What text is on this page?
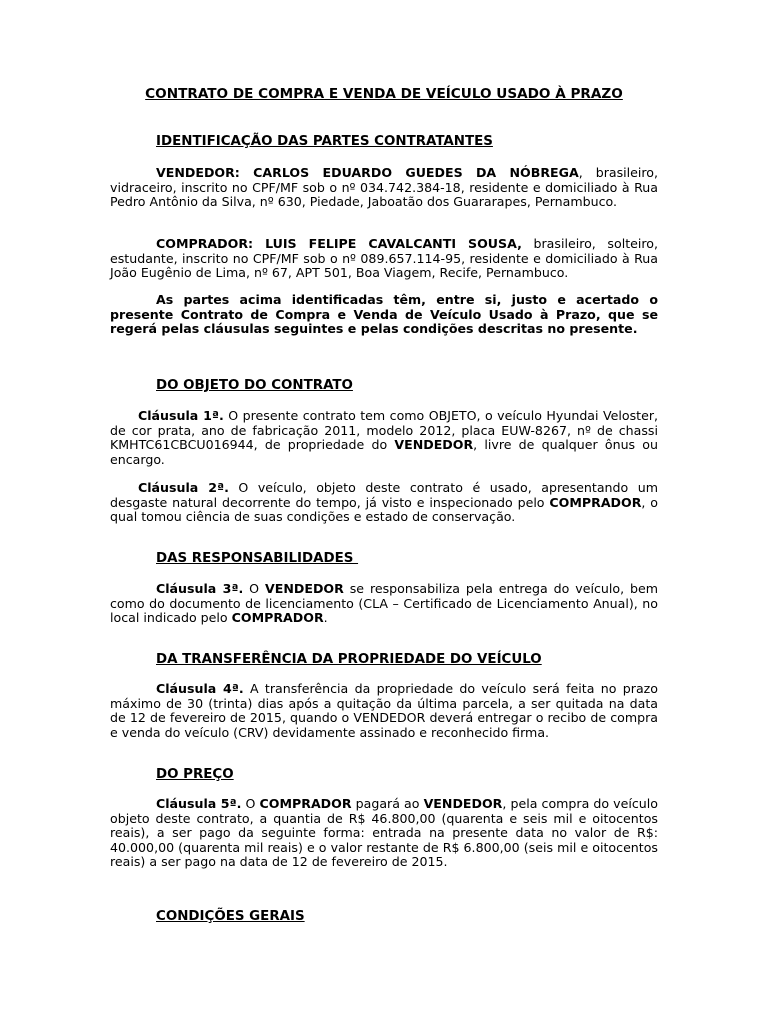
CONTRATO DE COMPRA E VENDA DE VEÍCULO USADO À PRAZO
IDENTIFICAÇÃO DAS PARTES CONTRATANTES

VENDEDOR: CARLOS EDUARDO GUEDES DA NÓBREGA, brasileiro, vidraceiro, inscrito no CPF/MF sob o nº 034.742.384-18, residente e domiciliado à Rua Pedro Antônio da Silva, nº 630, Piedade, Jaboatão dos Guararapes, Pernambuco.

COMPRADOR: LUIS FELIPE CAVALCANTI SOUSA, brasileiro, solteiro, estudante, inscrito no CPF/MF sob o nº 089.657.114-95, residente e domiciliado à Rua João Eugênio de Lima, nº 67, APT 501, Boa Viagem, Recife, Pernambuco.

As partes acima identificadas têm, entre si, justo e acertado o presente Contrato de Compra e Venda de Veículo Usado à Prazo, que se regerá pelas cláusulas seguintes e pelas condições descritas no presente.

DO OBJETO DO CONTRATO

Cláusula 1ª. O presente contrato tem como OBJETO, o veículo Hyundai Veloster, de cor prata, ano de fabricação 2011, modelo 2012, placa EUW-8267, nº de chassi KMHTC61CBCU016944, de propriedade do VENDEDOR, livre de qualquer ônus ou encargo.

Cláusula 2ª. O veículo, objeto deste contrato é usado, apresentando um desgaste natural decorrente do tempo, já visto e inspecionado pelo COMPRADOR, o qual tomou ciência de suas condições e estado de conservação.

DAS RESPONSABILIDADES

Cláusula 3ª. O VENDEDOR se responsabiliza pela entrega do veículo, bem como do documento de licenciamento (CLA – Certificado de Licenciamento Anual), no local indicado pelo COMPRADOR.

DA TRANSFERÊNCIA DA PROPRIEDADE DO VEÍCULO

Cláusula 4ª. A transferência da propriedade do veículo será feita no prazo máximo de 30 (trinta) dias após a quitação da última parcela, a ser quitada na data de 12 de fevereiro de 2015, quando o VENDEDOR deverá entregar o recibo de compra e venda do veículo (CRV) devidamente assinado e reconhecido firma.

DO PREÇO

Cláusula 5ª. O COMPRADOR pagará ao VENDEDOR, pela compra do veículo objeto deste contrato, a quantia de R$ 46.800,00 (quarenta e seis mil e oitocentos reais), a ser pago da seguinte forma: entrada na presente data no valor de R$: 40.000,00 (quarenta mil reais) e o valor restante de R$ 6.800,00 (seis mil e oitocentos reais) a ser pago na data de 12 de fevereiro de 2015.

CONDIÇÕES GERAIS
